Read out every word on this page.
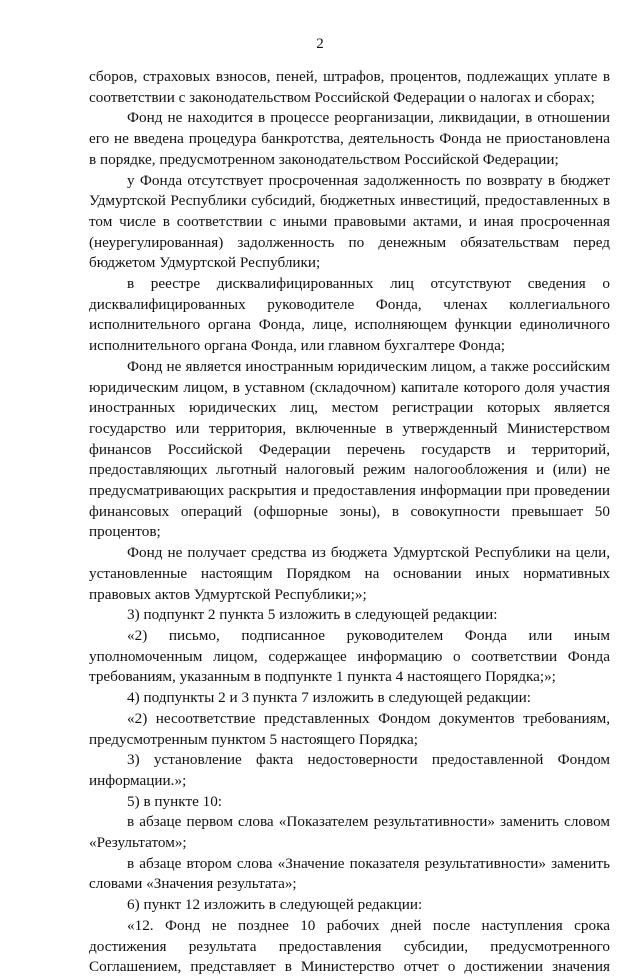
2

сборов, страховых взносов, пеней, штрафов, процентов, подлежащих уплате в соответствии с законодательством Российской Федерации о налогах и сборах;

Фонд не находится в процессе реорганизации, ликвидации, в отношении его не введена процедура банкротства, деятельность Фонда не приостановлена в порядке, предусмотренном законодательством Российской Федерации;

у Фонда отсутствует просроченная задолженность по возврату в бюджет Удмуртской Республики субсидий, бюджетных инвестиций, предоставленных в том числе в соответствии с иными правовыми актами, и иная просроченная (неурегулированная) задолженность по денежным обязательствам перед бюджетом Удмуртской Республики;

в реестре дисквалифицированных лиц отсутствуют сведения о дисквалифицированных руководителе Фонда, членах коллегиального исполнительного органа Фонда, лице, исполняющем функции единоличного исполнительного органа Фонда, или главном бухгалтере Фонда;

Фонд не является иностранным юридическим лицом, а также российским юридическим лицом, в уставном (складочном) капитале которого доля участия иностранных юридических лиц, местом регистрации которых является государство или территория, включенные в утвержденный Министерством финансов Российской Федерации перечень государств и территорий, предоставляющих льготный налоговый режим налогообложения и (или) не предусматривающих раскрытия и предоставления информации при проведении финансовых операций (офшорные зоны), в совокупности превышает 50 процентов;

Фонд не получает средства из бюджета Удмуртской Республики на цели, установленные настоящим Порядком на основании иных нормативных правовых актов Удмуртской Республики;»;

3) подпункт 2 пункта 5 изложить в следующей редакции:

«2) письмо, подписанное руководителем Фонда или иным уполномоченным лицом, содержащее информацию о соответствии Фонда требованиям, указанным в подпункте 1 пункта 4 настоящего Порядка;»;

4) подпункты 2 и 3 пункта 7 изложить в следующей редакции:

«2) несоответствие представленных Фондом документов требованиям, предусмотренным пунктом 5 настоящего Порядка;

3) установление факта недостоверности предоставленной Фондом информации.»;

5) в пункте 10:

в абзаце первом слова «Показателем результативности» заменить словом «Результатом»;

в абзаце втором слова «Значение показателя результативности» заменить словами «Значения результата»;

6) пункт 12 изложить в следующей редакции:

«12. Фонд не позднее 10 рабочих дней после наступления срока достижения результата предоставления субсидии, предусмотренного Соглашением, представляет в Министерство отчет о достижении значения
